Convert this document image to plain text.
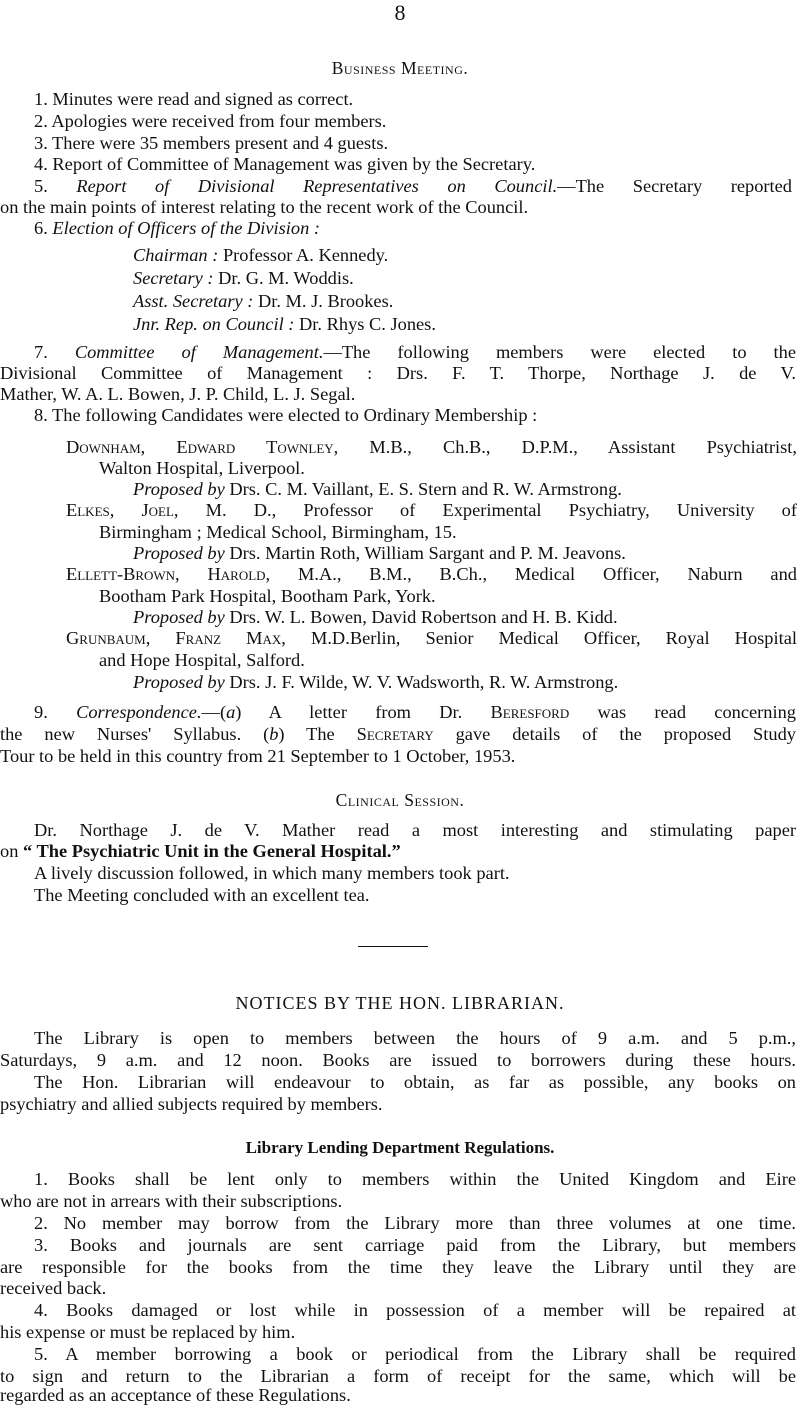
8
Business Meeting.
1. Minutes were read and signed as correct.
2. Apologies were received from four members.
3. There were 35 members present and 4 guests.
4. Report of Committee of Management was given by the Secretary.
5. Report of Divisional Representatives on Council.—The Secretary reported
on the main points of interest relating to the recent work of the Council.
6. Election of Officers of the Division :
Chairman : Professor A. Kennedy.
Secretary : Dr. G. M. Woddis.
Asst. Secretary : Dr. M. J. Brookes.
Jnr. Rep. on Council : Dr. Rhys C. Jones.
7. Committee of Management.—The following members were elected to the
Divisional Committee of Management : Drs. F. T. Thorpe, Northage J. de V.
Mather, W. A. L. Bowen, J. P. Child, L. J. Segal.
8. The following Candidates were elected to Ordinary Membership :
Downham, Edward Townley, M.B., Ch.B., D.P.M., Assistant Psychiatrist,
Walton Hospital, Liverpool.
Proposed by Drs. C. M. Vaillant, E. S. Stern and R. W. Armstrong.
Elkes, Joel, M. D., Professor of Experimental Psychiatry, University of
Birmingham ; Medical School, Birmingham, 15.
Proposed by Drs. Martin Roth, William Sargant and P. M. Jeavons.
Ellett-Brown, Harold, M.A., B.M., B.Ch., Medical Officer, Naburn and
Bootham Park Hospital, Bootham Park, York.
Proposed by Drs. W. L. Bowen, David Robertson and H. B. Kidd.
Grunbaum, Franz Max, M.D.Berlin, Senior Medical Officer, Royal Hospital
and Hope Hospital, Salford.
Proposed by Drs. J. F. Wilde, W. V. Wadsworth, R. W. Armstrong.
9. Correspondence.—(a) A letter from Dr. Beresford was read concerning
the new Nurses' Syllabus. (b) The Secretary gave details of the proposed Study
Tour to be held in this country from 21 September to 1 October, 1953.
Clinical Session.
Dr. Northage J. de V. Mather read a most interesting and stimulating paper
on “ The Psychiatric Unit in the General Hospital.”
A lively discussion followed, in which many members took part.
The Meeting concluded with an excellent tea.
NOTICES BY THE HON. LIBRARIAN.
The Library is open to members between the hours of 9 a.m. and 5 p.m.,
Saturdays, 9 a.m. and 12 noon. Books are issued to borrowers during these hours.
The Hon. Librarian will endeavour to obtain, as far as possible, any books on
psychiatry and allied subjects required by members.
Library Lending Department Regulations.
1. Books shall be lent only to members within the United Kingdom and Eire
who are not in arrears with their subscriptions.
2. No member may borrow from the Library more than three volumes at one time.
3. Books and journals are sent carriage paid from the Library, but members
are responsible for the books from the time they leave the Library until they are
received back.
4. Books damaged or lost while in possession of a member will be repaired at
his expense or must be replaced by him.
5. A member borrowing a book or periodical from the Library shall be required
to sign and return to the Librarian a form of receipt for the same, which will be
regarded as an acceptance of these Regulations.
